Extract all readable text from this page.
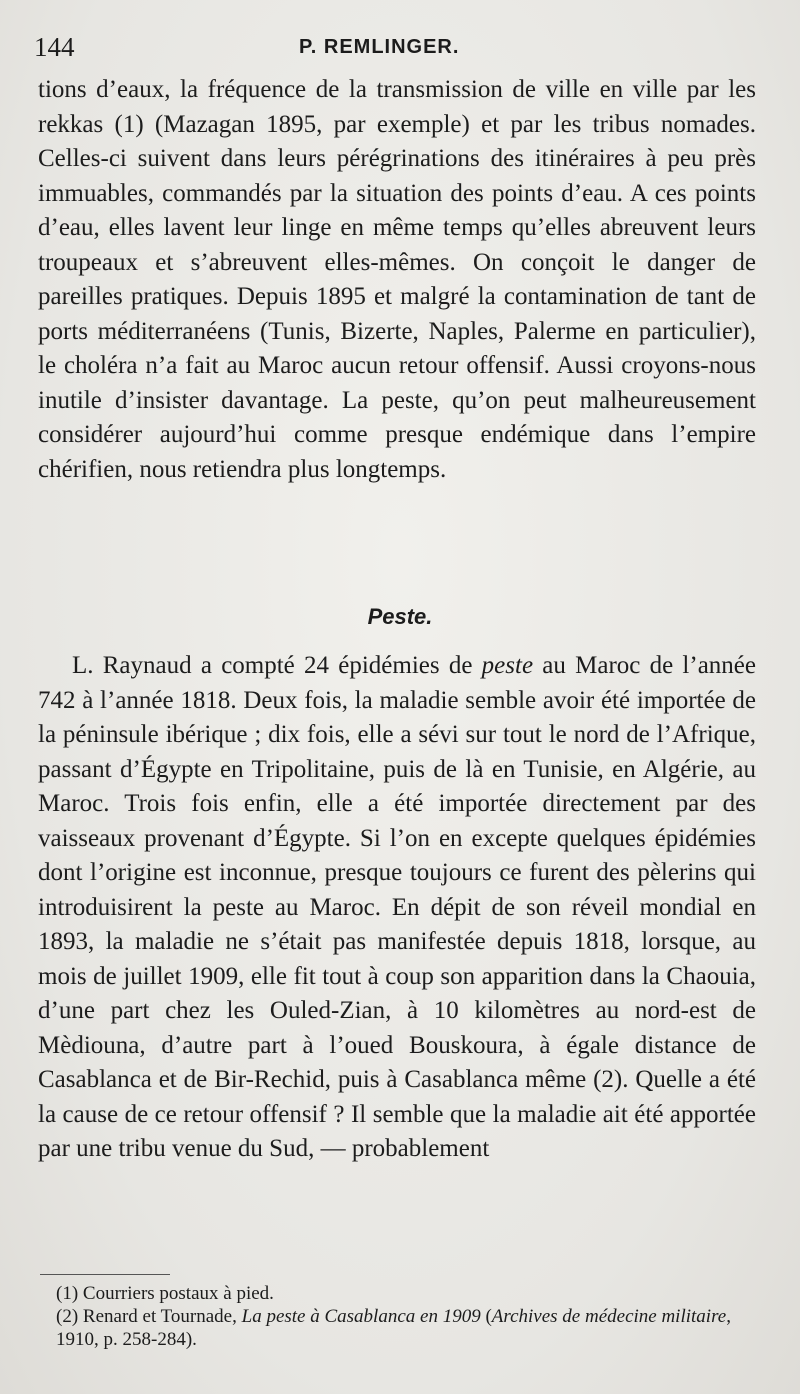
144	P. REMLINGER.

tions d’eaux, la fréquence de la transmission de ville en ville par les rekkas (1) (Mazagan 1895, par exemple) et par les tribus nomades. Celles-ci suivent dans leurs pérégrinations des itinéraires à peu près immuables, commandés par la situation des points d’eau. A ces points d’eau, elles lavent leur linge en même temps qu’elles abreuvent leurs troupeaux et s’abreuvent elles-mêmes. On conçoit le danger de pareilles pratiques. Depuis 1895 et malgré la contamination de tant de ports méditerranéens (Tunis, Bizerte, Naples, Palerme en particulier), le choléra n’a fait au Maroc aucun retour offensif. Aussi croyons-nous inutile d’insister davantage. La peste, qu’on peut malheureusement considérer aujourd’hui comme presque endémique dans l’empire chérifien, nous retiendra plus longtemps.

Peste.

L. Raynaud a compté 24 épidémies de peste au Maroc de l’année 742 à l’année 1818. Deux fois, la maladie semble avoir été importée de la péninsule ibérique ; dix fois, elle a sévi sur tout le nord de l’Afrique, passant d’Égypte en Tripolitaine, puis de là en Tunisie, en Algérie, au Maroc. Trois fois enfin, elle a été importée directement par des vaisseaux provenant d’Égypte. Si l’on en excepte quelques épidémies dont l’origine est inconnue, presque toujours ce furent des pèlerins qui introduisirent la peste au Maroc. En dépit de son réveil mondial en 1893, la maladie ne s’était pas manifestée depuis 1818, lorsque, au mois de juillet 1909, elle fit tout à coup son apparition dans la Chaouia, d’une part chez les Ouled-Zian, à 10 kilomètres au nord-est de Mèdiouna, d’autre part à l’oued Bouskoura, à égale distance de Casablanca et de Bir-Rechid, puis à Casablanca même (2). Quelle a été la cause de ce retour offensif ? Il semble que la maladie ait été apportée par une tribu venue du Sud, — probablement

(1) Courriers postaux à pied.

(2) Renard et Tournade, La peste à Casablanca en 1909 (Archives de médecine militaire, 1910, p. 258-284).
